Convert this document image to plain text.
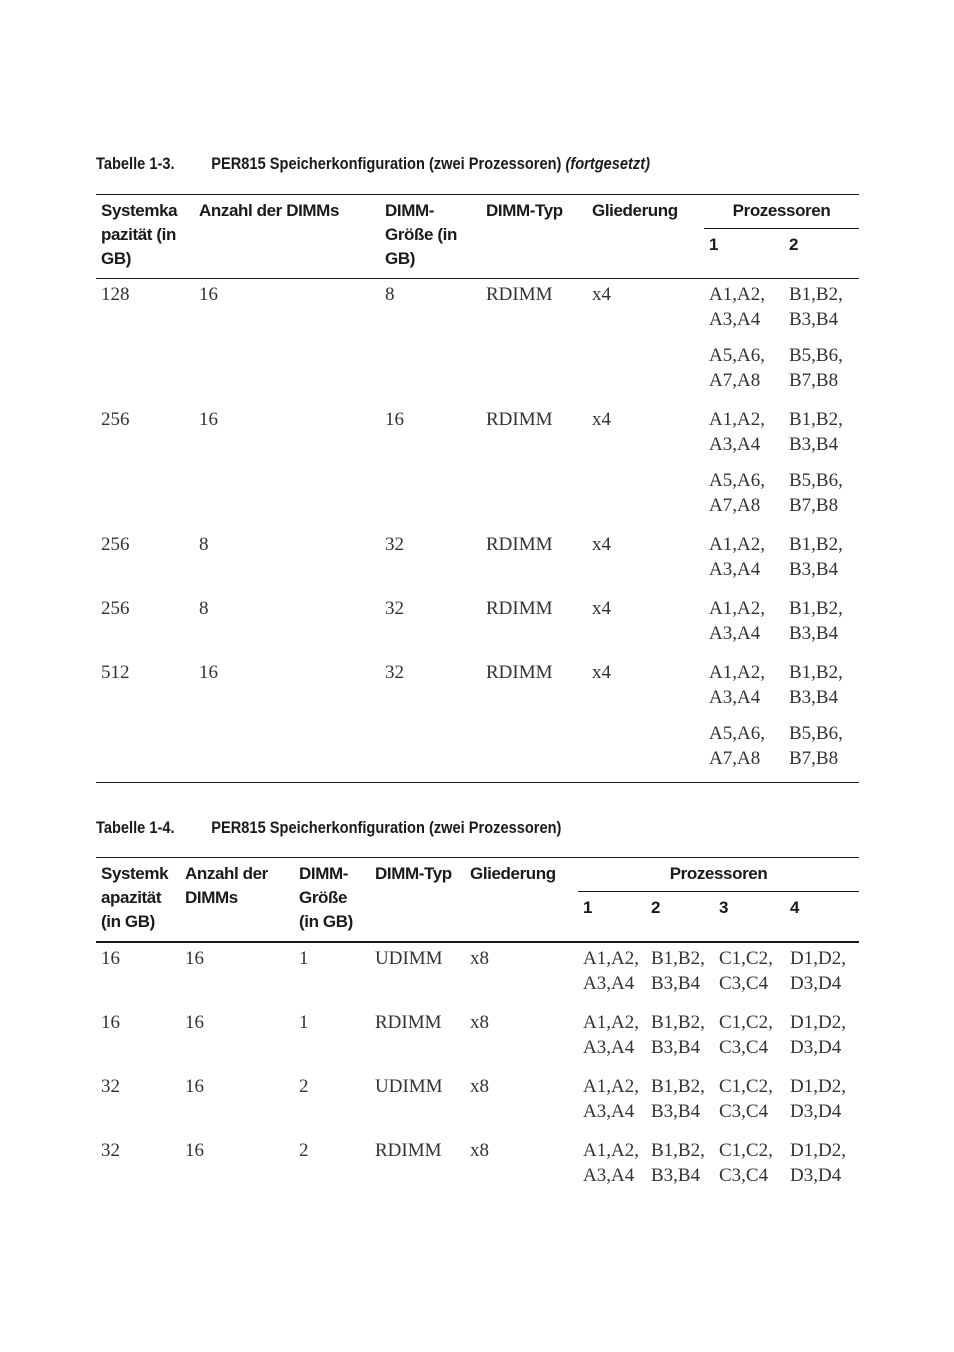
Tabelle 1-3. PER815 Speicherkonfiguration (zwei Prozessoren) (fortgesetzt)
Systemka pazität (in GB)	Anzahl der DIMMs	DIMM-Größe (in GB)	DIMM-Typ	Gliederung	Prozessoren	
					1	2
128	16	8	RDIMM	x4	A1,A2, A3,A4	B1,B2, B3,B4
					A5,A6, A7,A8	B5,B6, B7,B8
256	16	16	RDIMM	x4	A1,A2, A3,A4	B1,B2, B3,B4
					A5,A6, A7,A8	B5,B6, B7,B8
256	8	32	RDIMM	x4	A1,A2, A3,A4	B1,B2, B3,B4
256	8	32	RDIMM	x4	A1,A2, A3,A4	B1,B2, B3,B4
512	16	32	RDIMM	x4	A1,A2, A3,A4	B1,B2, B3,B4
					A5,A6, A7,A8	B5,B6, B7,B8
Tabelle 1-4. PER815 Speicherkonfiguration (zwei Prozessoren)
Systemk apazität (in GB)	Anzahl der DIMMs	DIMM-Größe (in GB)	DIMM-Typ	Gliederung	Prozessoren			
					1	2	3	4
16	16	1	UDIMM	x8	A1,A2, A3,A4	B1,B2, B3,B4	C1,C2, C3,C4	D1,D2, D3,D4
16	16	1	RDIMM	x8	A1,A2, A3,A4	B1,B2, B3,B4	C1,C2, C3,C4	D1,D2, D3,D4
32	16	2	UDIMM	x8	A1,A2, A3,A4	B1,B2, B3,B4	C1,C2, C3,C4	D1,D2, D3,D4
32	16	2	RDIMM	x8	A1,A2, A3,A4	B1,B2, B3,B4	C1,C2, C3,C4	D1,D2, D3,D4
